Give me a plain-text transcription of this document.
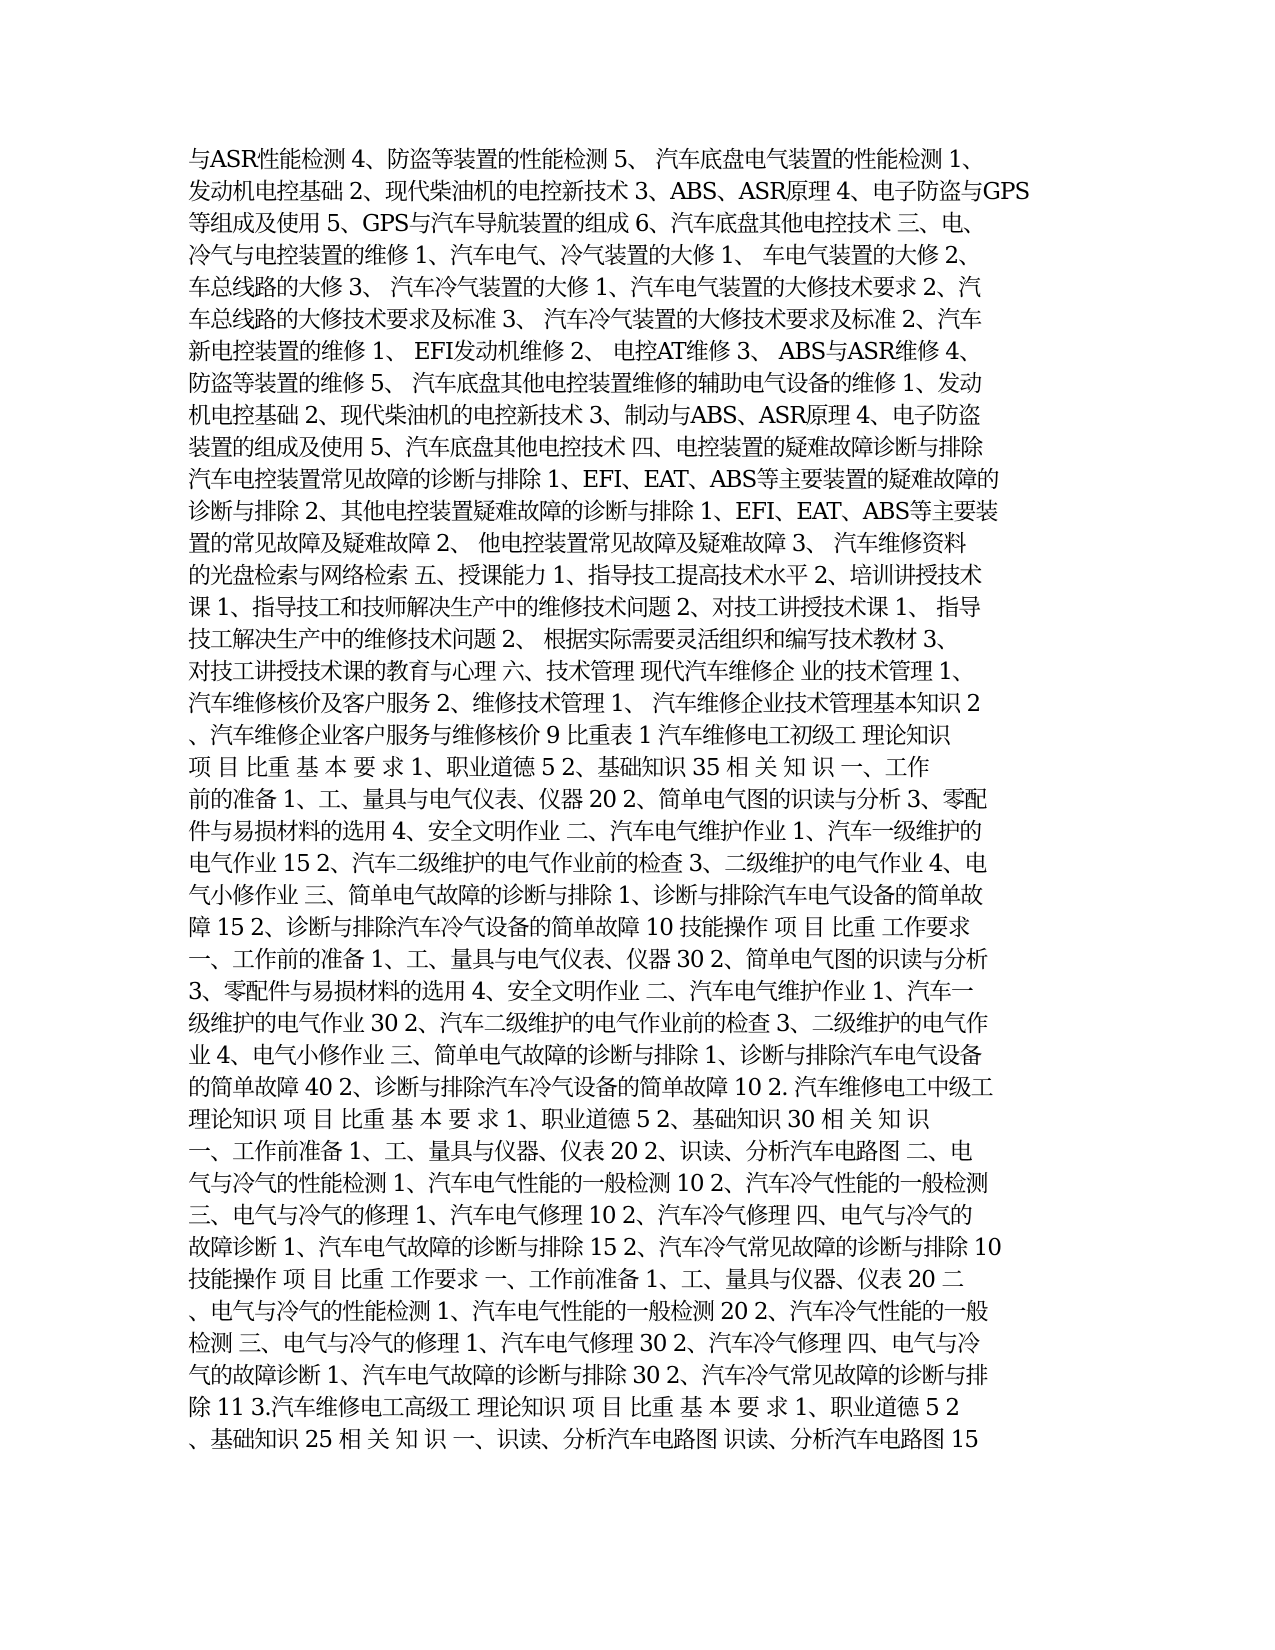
与ASR性能检测 4、防盗等装置的性能检测 5、 汽车底盘电气装置的性能检测 1、
发动机电控基础 2、现代柴油机的电控新技术 3、ABS、ASR原理 4、电子防盗与GPS
等组成及使用 5、GPS与汽车导航装置的组成 6、汽车底盘其他电控技术 三、电、
冷气与电控装置的维修 1、汽车电气、冷气装置的大修 1、 车电气装置的大修 2、
车总线路的大修 3、 汽车冷气装置的大修 1、汽车电气装置的大修技术要求 2、汽
车总线路的大修技术要求及标准 3、 汽车冷气装置的大修技术要求及标准 2、汽车
新电控装置的维修 1、 EFI发动机维修 2、 电控AT维修 3、 ABS与ASR维修 4、
防盗等装置的维修 5、 汽车底盘其他电控装置维修的辅助电气设备的维修 1、发动
机电控基础 2、现代柴油机的电控新技术 3、制动与ABS、ASR原理 4、电子防盗
装置的组成及使用 5、汽车底盘其他电控技术 四、电控装置的疑难故障诊断与排除
汽车电控装置常见故障的诊断与排除 1、EFI、EAT、ABS等主要装置的疑难故障的
诊断与排除 2、其他电控装置疑难故障的诊断与排除 1、EFI、EAT、ABS等主要装
置的常见故障及疑难故障 2、 他电控装置常见故障及疑难故障 3、 汽车维修资料
的光盘检索与网络检索 五、授课能力 1、指导技工提高技术水平 2、培训讲授技术
课 1、指导技工和技师解决生产中的维修技术问题 2、对技工讲授技术课 1、 指导
技工解决生产中的维修技术问题 2、 根据实际需要灵活组织和编写技术教材 3、
对技工讲授技术课的教育与心理 六、技术管理 现代汽车维修企 业的技术管理 1、
汽车维修核价及客户服务 2、维修技术管理 1、 汽车维修企业技术管理基本知识 2
、汽车维修企业客户服务与维修核价 9 比重表 1 汽车维修电工初级工 理论知识
项 目 比重 基 本 要 求 1、职业道德 5 2、基础知识 35 相 关 知 识 一、工作
前的准备 1、工、量具与电气仪表、仪器 20 2、简单电气图的识读与分析 3、零配
件与易损材料的选用 4、安全文明作业 二、汽车电气维护作业 1、汽车一级维护的
电气作业 15 2、汽车二级维护的电气作业前的检查 3、二级维护的电气作业 4、电
气小修作业 三、简单电气故障的诊断与排除 1、诊断与排除汽车电气设备的简单故
障 15 2、诊断与排除汽车冷气设备的简单故障 10 技能操作 项 目 比重 工作要求
一、工作前的准备 1、工、量具与电气仪表、仪器 30 2、简单电气图的识读与分析
3、零配件与易损材料的选用 4、安全文明作业 二、汽车电气维护作业 1、汽车一
级维护的电气作业 30 2、汽车二级维护的电气作业前的检查 3、二级维护的电气作
业 4、电气小修作业 三、简单电气故障的诊断与排除 1、诊断与排除汽车电气设备
的简单故障 40 2、诊断与排除汽车冷气设备的简单故障 10 2. 汽车维修电工中级工
理论知识 项 目 比重 基 本 要 求 1、职业道德 5 2、基础知识 30 相 关 知 识
一、工作前准备 1、工、量具与仪器、仪表 20 2、识读、分析汽车电路图 二、电
气与冷气的性能检测 1、汽车电气性能的一般检测 10 2、汽车冷气性能的一般检测
三、电气与冷气的修理 1、汽车电气修理 10 2、汽车冷气修理 四、电气与冷气的
故障诊断 1、汽车电气故障的诊断与排除 15 2、汽车冷气常见故障的诊断与排除 10
技能操作 项 目 比重 工作要求 一、工作前准备 1、工、量具与仪器、仪表 20 二
、电气与冷气的性能检测 1、汽车电气性能的一般检测 20 2、汽车冷气性能的一般
检测 三、电气与冷气的修理 1、汽车电气修理 30 2、汽车冷气修理 四、电气与冷
气的故障诊断 1、汽车电气故障的诊断与排除 30 2、汽车冷气常见故障的诊断与排
除 11 3.汽车维修电工高级工 理论知识 项 目 比重 基 本 要 求 1、职业道德 5 2
、基础知识 25 相 关 知 识 一、识读、分析汽车电路图 识读、分析汽车电路图 15
